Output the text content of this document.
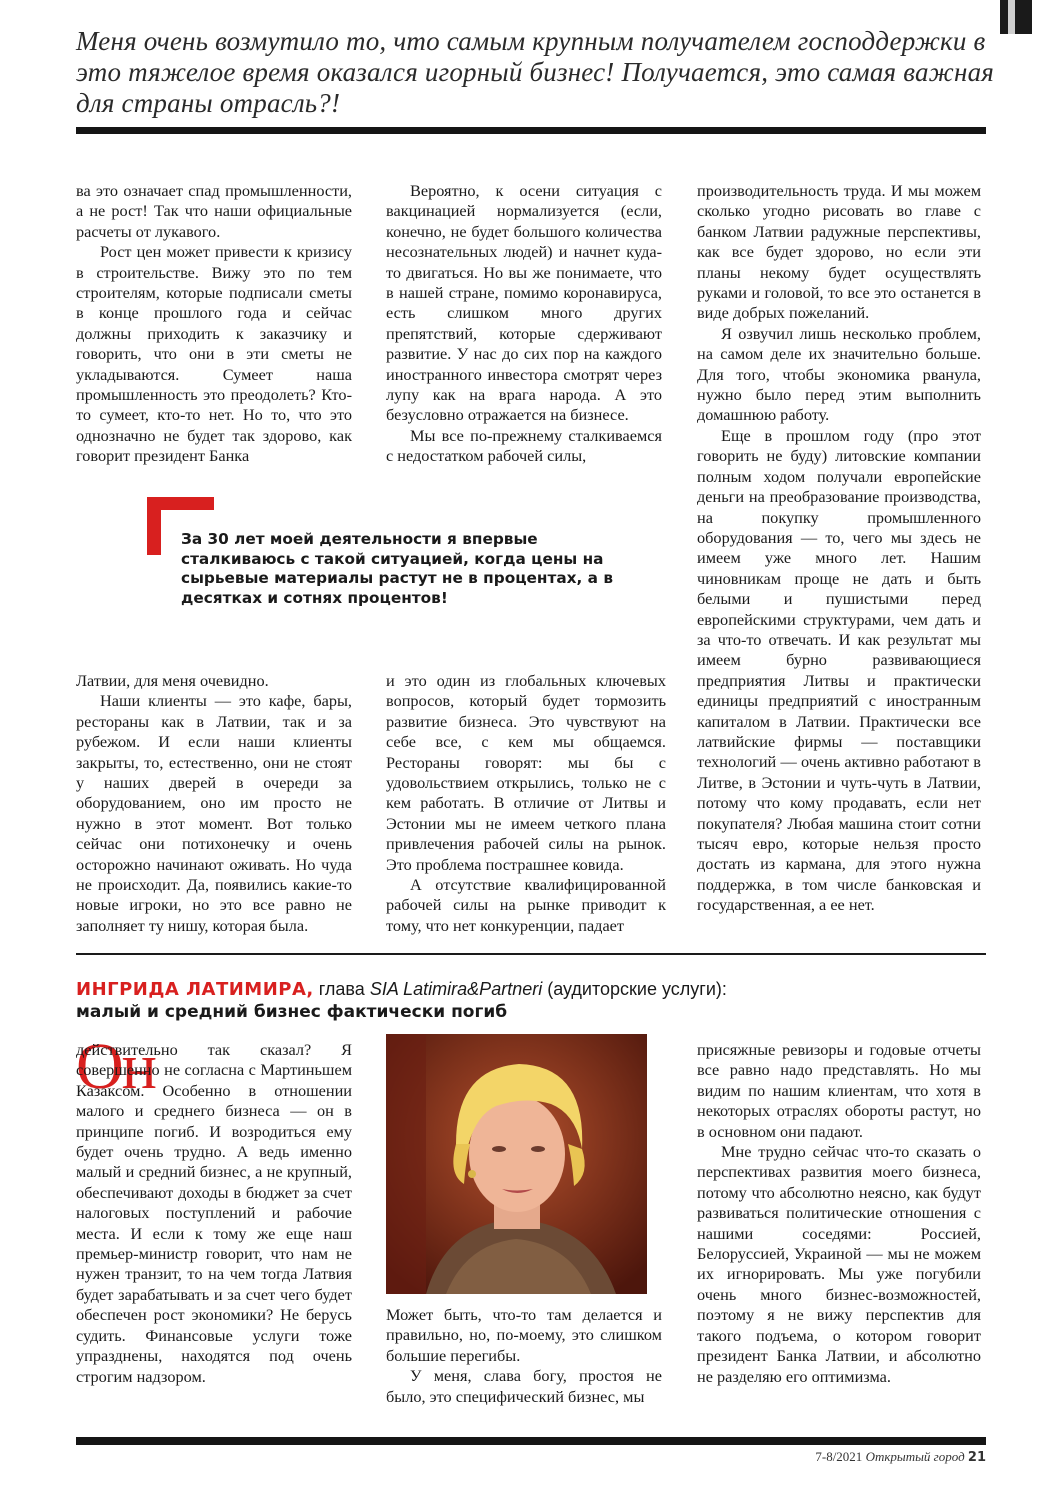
Меня очень возмутило то, что самым крупным получателем господдержки в это тяжелое время оказался игорный бизнес! Получается, это самая важная для страны отрасль?!

ва это означает спад промышленности, а не рост! Так что наши официальные расчеты от лукавого.

Рост цен может привести к кризису в строительстве. Вижу это по тем строителям, которые подписали сметы в конце прошлого года и сейчас должны приходить к заказчику и говорить, что они в эти сметы не укладываются. Сумеет наша промышленность это преодолеть? Кто-то сумеет, кто-то нет. Но то, что это однозначно не будет так здорово, как говорит президент Банка

Вероятно, к осени ситуация с вакцинацией нормализуется (если, конечно, не будет большого количества несознательных людей) и начнет куда-то двигаться. Но вы же понимаете, что в нашей стране, помимо коронавируса, есть слишком много других препятствий, которые сдерживают развитие. У нас до сих пор на каждого иностранного инвестора смотрят через лупу как на врага народа. А это безусловно отражается на бизнесе.

Мы все по-прежнему сталкиваемся с недостатком рабочей силы,

За 30 лет моей деятельности я впервые сталкиваюсь с такой ситуацией, когда цены на сырьевые материалы растут не в процентах, а в десятках и сотнях процентов!

Латвии, для меня очевидно.

Наши клиенты — это кафе, бары, рестораны как в Латвии, так и за рубежом. И если наши клиенты закрыты, то, естественно, они не стоят у наших дверей в очереди за оборудованием, оно им просто не нужно в этот момент. Вот только сейчас они потихонечку и очень осторожно начинают оживать. Но чуда не происходит. Да, появились какие-то новые игроки, но это все равно не заполняет ту нишу, которая была.

и это один из глобальных ключевых вопросов, который будет тормозить развитие бизнеса. Это чувствуют на себе все, с кем мы общаемся. Рестораны говорят: мы бы с удовольствием открылись, только не с кем работать. В отличие от Литвы и Эстонии мы не имеем четкого плана привлечения рабочей силы на рынок. Это проблема пострашнее ковида.

А отсутствие квалифицированной рабочей силы на рынке приводит к тому, что нет конкуренции, падает

производительность труда. И мы можем сколько угодно рисовать во главе с банком Латвии радужные перспективы, как все будет здорово, но если эти планы некому будет осуществлять руками и головой, то все это останется в виде добрых пожеланий.

Я озвучил лишь несколько проблем, на самом деле их значительно больше. Для того, чтобы экономика рванула, нужно было перед этим выполнить домашнюю работу.

Еще в прошлом году (про этот говорить не буду) литовские компании полным ходом получали европейские деньги на преобразование производства, на покупку промышленного оборудования — то, чего мы здесь не имеем уже много лет. Нашим чиновникам проще не дать и быть белыми и пушистыми перед европейскими структурами, чем дать и за что-то отвечать. И как результат мы имеем бурно развивающиеся предприятия Литвы и практически единицы предприятий с иностранным капиталом в Латвии. Практически все латвийские фирмы — поставщики технологий — очень активно работают в Литве, в Эстонии и чуть-чуть в Латвии, потому что кому продавать, если нет покупателя? Любая машина стоит сотни тысяч евро, которые нельзя просто достать из кармана, для этого нужна поддержка, в том числе банковская и государственная, а ее нет.

ИНГРИДА ЛАТИМИРА, глава SIA Latimira&Partneri (аудиторские услуги):

малый и средний бизнес фактически погиб

Он

действительно так сказал? Я совершенно не согласна с Мартиньшем Казаксом. Особенно в отношении малого и среднего бизнеса — он в принципе погиб. И возродиться ему будет очень трудно. А ведь именно малый и средний бизнес, а не крупный, обеспечивают доходы в бюджет за счет налоговых поступлений и рабочие места. И если к тому же еще наш премьер-министр говорит, что нам не нужен транзит, то на чем тогда Латвия будет зарабатывать и за счет чего будет обеспечен рост экономики? Не берусь судить. Финансовые услуги тоже упразднены, находятся под очень строгим надзором.

Может быть, что-то там делается и правильно, но, по-моему, это слишком большие перегибы.

У меня, слава богу, простоя не было, это специфический бизнес, мы

присяжные ревизоры и годовые отчеты все равно надо представлять. Но мы видим по нашим клиентам, что хотя в некоторых отраслях обороты растут, но в основном они падают.

Мне трудно сейчас что-то сказать о перспективах развития моего бизнеса, потому что абсолютно неясно, как будут развиваться политические отношения с нашими соседями: Россией, Белоруссией, Украиной — мы не можем их игнорировать. Мы уже погубили очень много бизнес-возможностей, поэтому я не вижу перспектив для такого подъема, о котором говорит президент Банка Латвии, и абсолютно не разделяю его оптимизма.

7-8/2021 Открытый город 21
